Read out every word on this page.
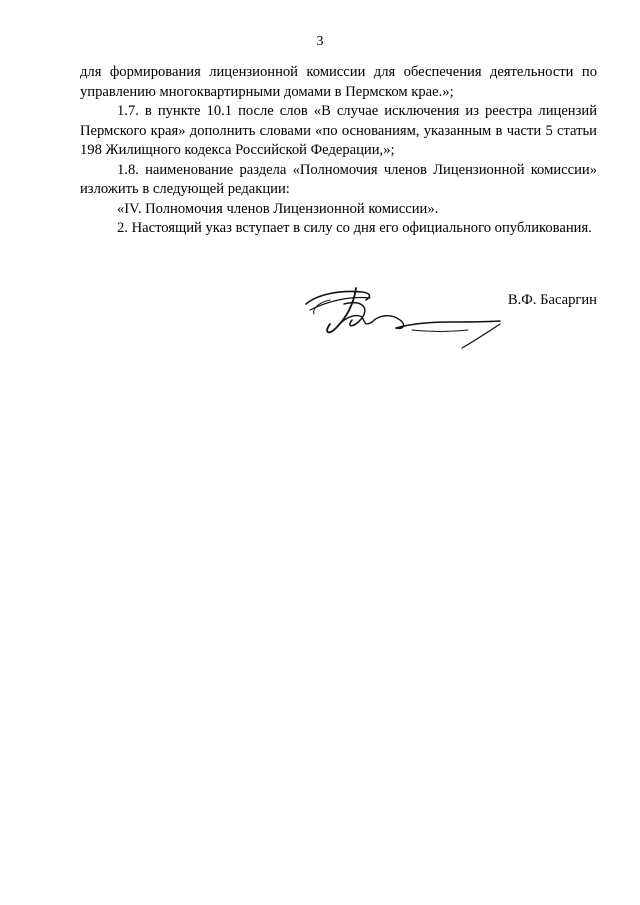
3

для формирования лицензионной комиссии для обеспечения деятельности по управлению многоквартирными домами в Пермском крае.»;

1.7. в пункте 10.1 после слов «В случае исключения из реестра лицензий Пермского края» дополнить словами «по основаниям, указанным в части 5 статьи 198 Жилищного кодекса Российской Федерации,»;

1.8. наименование раздела «Полномочия членов Лицензионной комиссии» изложить в следующей редакции:

«IV. Полномочия членов Лицензионной комиссии».

2. Настоящий указ вступает в силу со дня его официального опубликования.

В.Ф. Басаргин
